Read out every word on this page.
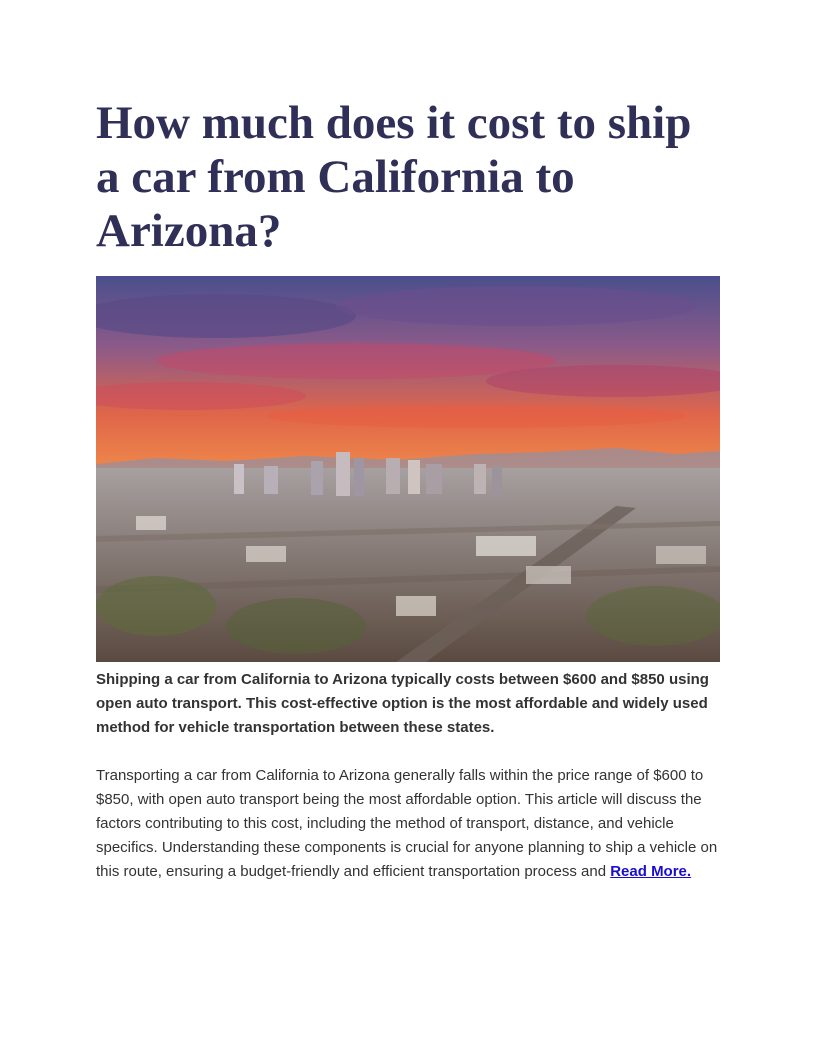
How much does it cost to ship a car from California to Arizona?

Shipping a car from California to Arizona typically costs between $600 and $850 using open auto transport. This cost-effective option is the most affordable and widely used method for vehicle transportation between these states.

Transporting a car from California to Arizona generally falls within the price range of $600 to $850, with open auto transport being the most affordable option. This article will discuss the factors contributing to this cost, including the method of transport, distance, and vehicle specifics. Understanding these components is crucial for anyone planning to ship a vehicle on this route, ensuring a budget-friendly and efficient transportation process and Read More.
